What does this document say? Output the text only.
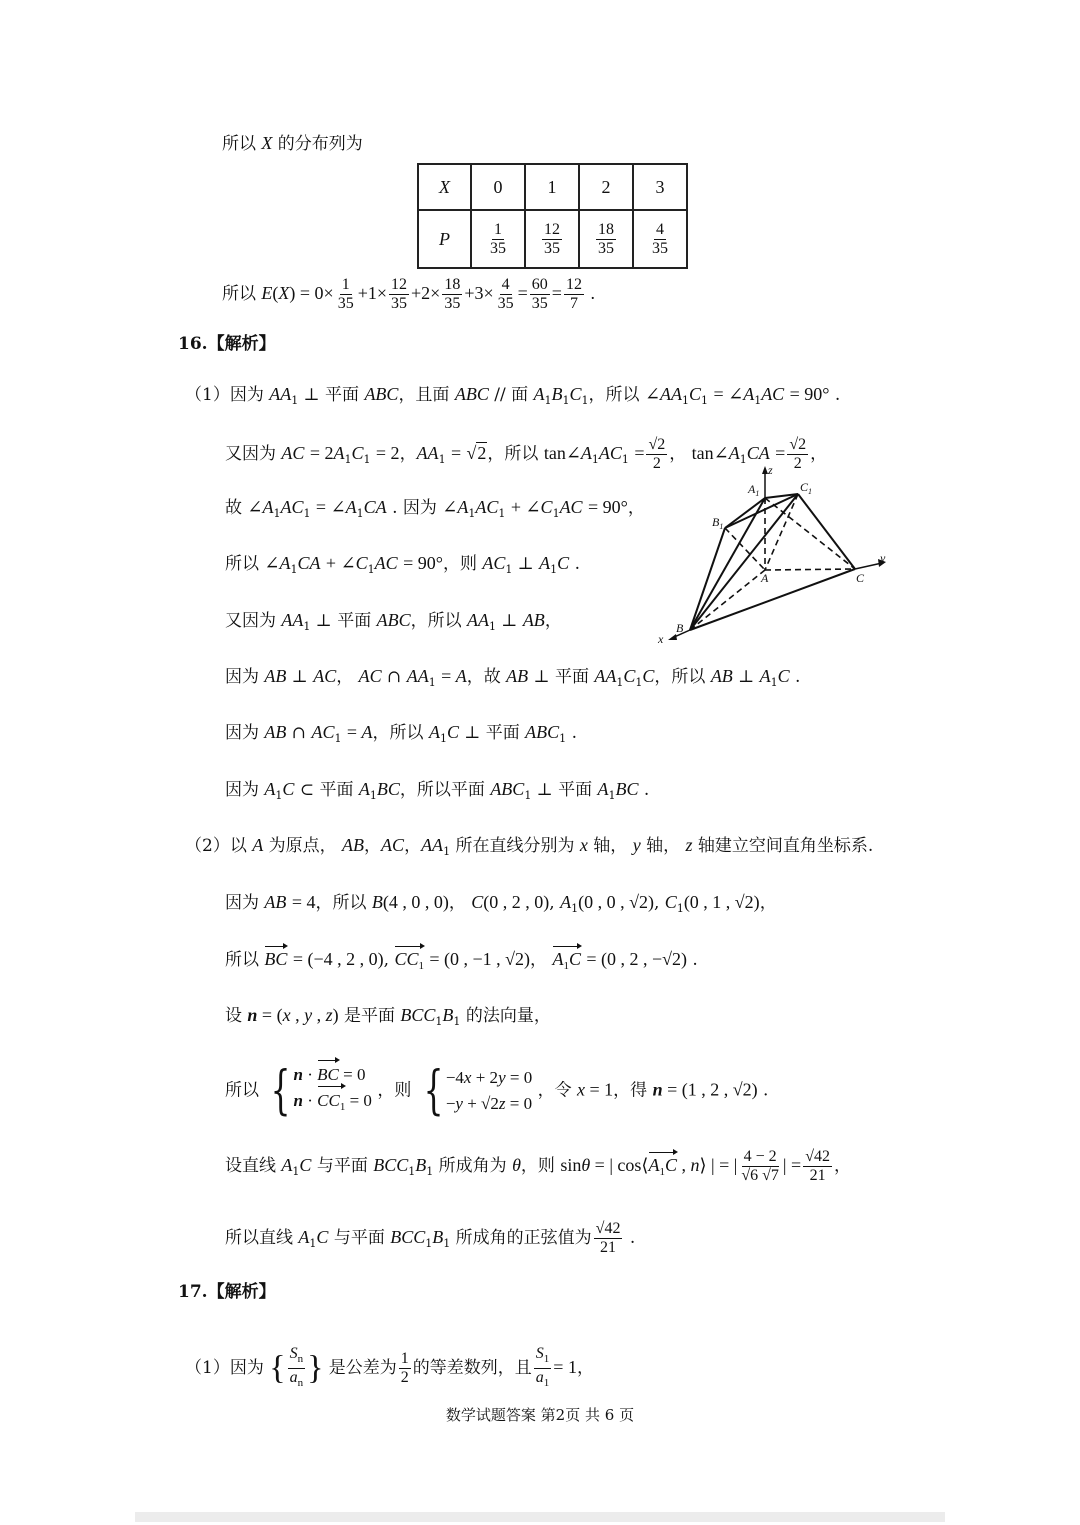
所以 X 的分布列为
X	0	1	2	3
P	$\frac{1}{35}$	$\frac{12}{35}$	$\frac{18}{35}$	$\frac{4}{35}$
所以 $E(X) = 0\times \frac{1}{35} +1\times \frac{12}{35} +2\times \frac{18}{35} +3\times \frac{4}{35} = \frac{60}{35} = \frac{12}{7}$ .
16.【解析】
（1）因为 $AA_1$ ⊥ 平面 ABC，且面 ABC // 面 $A_1B_1C_1$，所以 $\angle AA_1C_1$ = $\angle A_1AC = 90^\circ$ .
又因为 AC = $2A_1C_1 = 2$，$AA_1 = √2$，所以 $\tan\angle A_1AC_1 = \frac{√2}{2}$ ， $\tan\angle A_1CA = \frac{√2}{2}$ ，
故 $\angle A_1AC_1$ = $\angle A_1CA$ . 因为 $\angle A_1AC_1$ + $\angle C_1AC = 90^\circ$，
所以 $\angle A_1CA$ + $\angle C_1AC = 90^\circ$，则 $AC_1$ ⊥ $A_1C$ .
又因为 $AA_1$ ⊥ 平面 ABC，所以 $AA_1$ ⊥ AB，
因为 AB ⊥ AC， AC ∩ $AA_1 = A$，故 AB ⊥ 平面 $AA_1C_1C$，所以 AB ⊥ $A_1C$ .
因为 AB ∩ $AC_1 = A$，所以 $A_1C$ ⊥ 平面 $ABC_1$ .
因为 $A_1C$ ⊂ 平面 $A_1BC$，所以平面 $ABC_1$ ⊥ 平面 $A_1BC$ .
z
y
x
$A_1$	$C_1$
$B_1$
A	C
B
（2）以 A 为原点， AB，AC，$AA_1$ 所在直线分别为 x 轴， y 轴， z 轴建立空间直角坐标系.
因为 AB = 4，所以 B(4 , 0 , 0)， C(0 , 2 , 0), $A_1(0$ , 0 , √2), $C_1(0$ , 1 , √2)，
所以 BC = (−4 , 2 , 0), $CC_1 = (0$ , −1 , √2)， $A_1C = (0$ , 2 , −√2) .
设 n = (x , y , z) 是平面 $BCC_1B_1$ 的法向量，
所以 { n · BC = 0
$n \cdot CC_1 = 0$ ，则 { −4x + 2y = 0
−y + √2z = 0
，令 x = 1，得 n = (1 , 2 , √2) .
设直线 $A_1C$ 与平面 $BCC_1B_1$ 所成角为 θ，则 sinθ = | $\cos⟨A_1C$ , n⟩ | = | $\frac{4 - 2}{√6 √7}$ | = $\frac{√42}{21}$ ，
所以直线 $A_1C$ 与平面 $BCC_1B_1$ 所成角的正弦值为 $\frac{√42}{21}$ .
17.【解析】
（1）因为 { $\frac{S_n}{a_n}$ } 是公差为 $\frac{1}{2}$ 的等差数列，且 $\frac{S_1}{a_1} = 1$，
数学试题答案 第2页 共 6 页
